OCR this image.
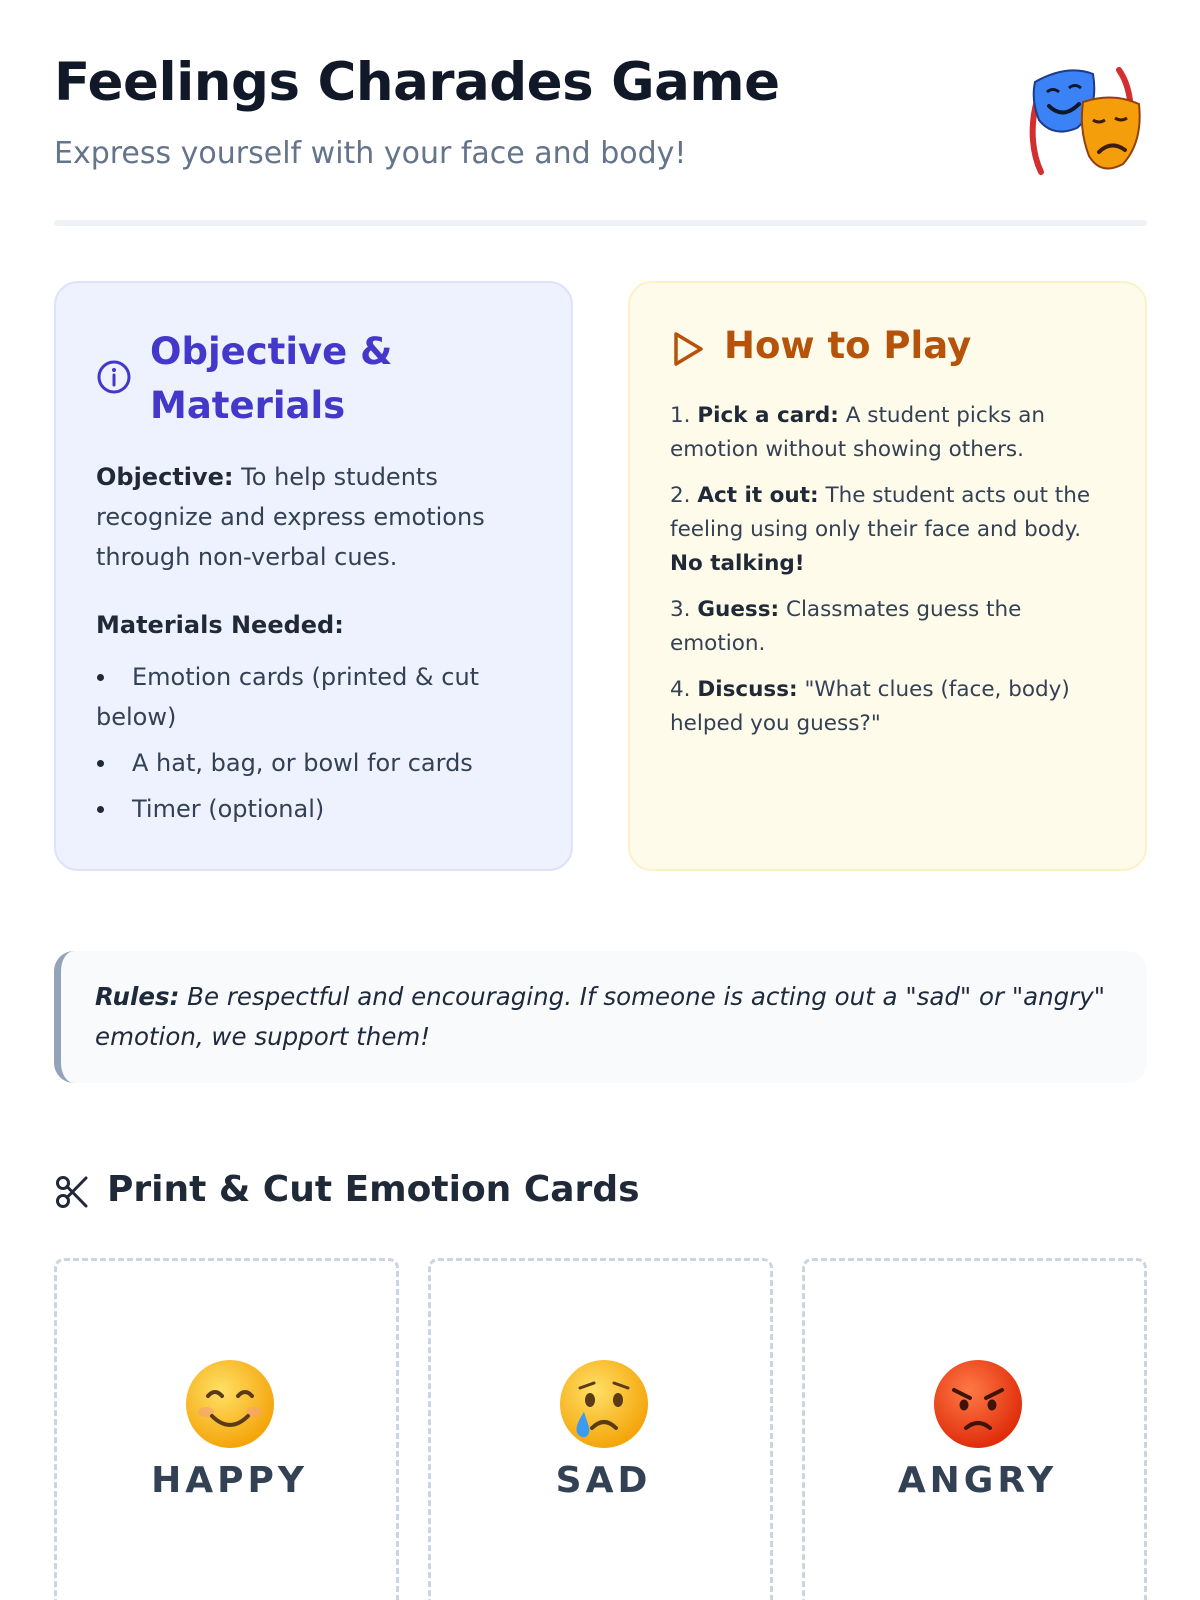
Feelings Charades Game
Express yourself with your face and body!
Objective & Materials
Objective: To help students recognize and express emotions through non-verbal cues.
Materials Needed:
Emotion cards (printed & cut below)
A hat, bag, or bowl for cards
Timer (optional)
How to Play
1. Pick a card: A student picks an emotion without showing others.
2. Act it out: The student acts out the feeling using only their face and body. No talking!
3. Guess: Classmates guess the emotion.
4. Discuss: "What clues (face, body) helped you guess?"
Rules: Be respectful and encouraging. If someone is acting out a "sad" or "angry" emotion, we support them!
Print & Cut Emotion Cards
HAPPY	SAD	ANGRY
